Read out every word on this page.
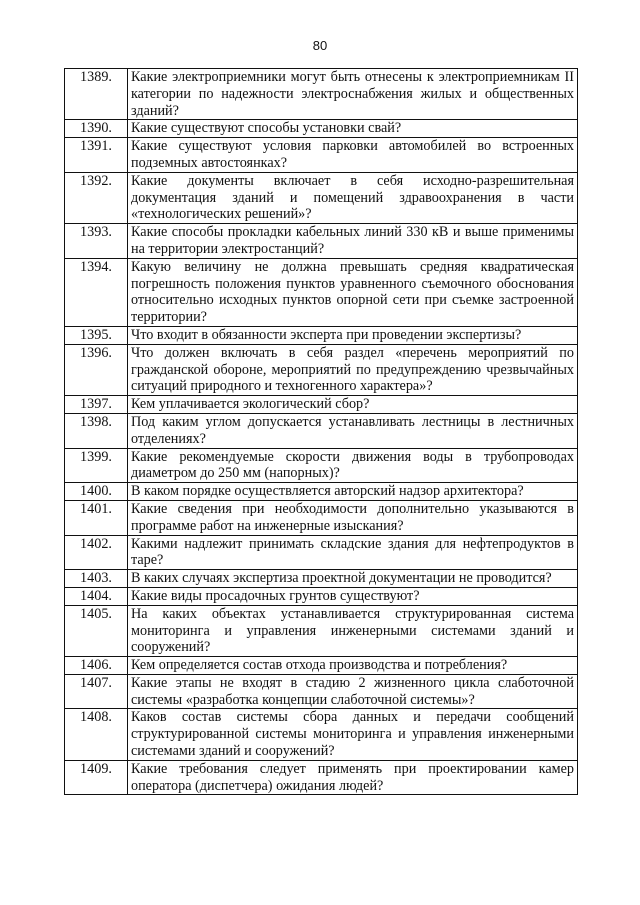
80
1389.	Какие электроприемники могут быть отнесены к электроприемникам II категории по надежности электроснабжения жилых и общественных зданий?
1390.	Какие существуют способы установки свай?
1391.	Какие существуют условия парковки автомобилей во встроенных подземных автостоянках?
1392.	Какие документы включает в себя исходно-разрешительная документация зданий и помещений здравоохранения в части «технологических решений»?
1393.	Какие способы прокладки кабельных линий 330 кВ и выше применимы на территории электростанций?
1394.	Какую величину не должна превышать средняя квадратическая погрешность положения пунктов уравненного съемочного обоснования относительно исходных пунктов опорной сети при съемке застроенной территории?
1395.	Что входит в обязанности эксперта при проведении экспертизы?
1396.	Что должен включать в себя раздел «перечень мероприятий по гражданской обороне, мероприятий по предупреждению чрезвычайных ситуаций природного и техногенного характера»?
1397.	Кем уплачивается экологический сбор?
1398.	Под каким углом допускается устанавливать лестницы в лестничных отделениях?
1399.	Какие рекомендуемые скорости движения воды в трубопроводах диаметром до 250 мм (напорных)?
1400.	В каком порядке осуществляется авторский надзор архитектора?
1401.	Какие сведения при необходимости дополнительно указываются в программе работ на инженерные изыскания?
1402.	Какими надлежит принимать складские здания для нефтепродуктов в таре?
1403.	В каких случаях экспертиза проектной документации не проводится?
1404.	Какие виды просадочных грунтов существуют?
1405.	На каких объектах устанавливается структурированная система мониторинга и управления инженерными системами зданий и сооружений?
1406.	Кем определяется состав отхода производства и потребления?
1407.	Какие этапы не входят в стадию 2 жизненного цикла слаботочной системы «разработка концепции слаботочной системы»?
1408.	Каков состав системы сбора данных и передачи сообщений структурированной системы мониторинга и управления инженерными системами зданий и сооружений?
1409.	Какие требования следует применять при проектировании камер оператора (диспетчера) ожидания людей?
